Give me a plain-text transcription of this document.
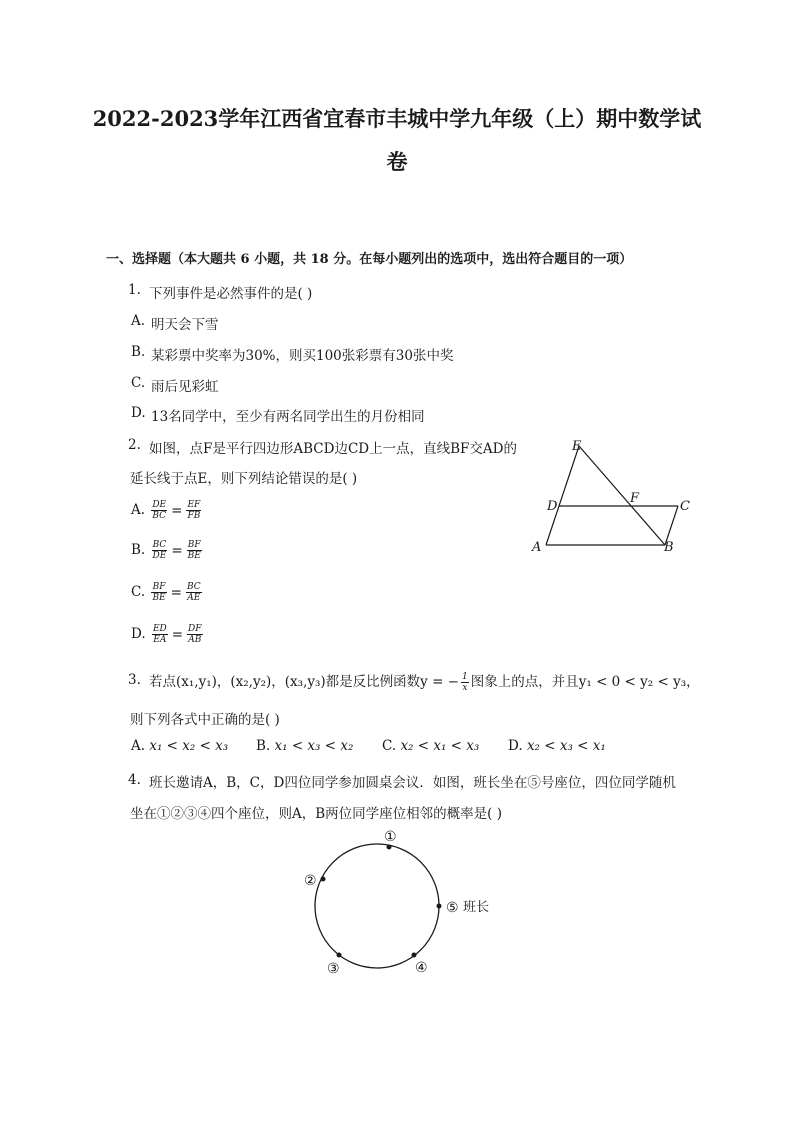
2022-2023学年江西省宜春市丰城中学九年级（上）期中数学试
卷
一、选择题（本大题共 6 小题，共 18 分。在每小题列出的选项中，选出符合题目的一项）
1. 下列事件是必然事件的是( )
A. 明天会下雪
B. 某彩票中奖率为30%，则买100张彩票有30张中奖
C. 雨后见彩虹
D. 13名同学中，至少有两名同学出生的月份相同
2. 如图，点F是平行四边形ABCD边CD上一点，直线BF交AD的
延长线于点E，则下列结论错误的是( )
A. $\frac{DE}{BC} = \frac{EF}{FB}$
B. $\frac{BC}{DE} = \frac{BF}{BE}$
C. $\frac{BF}{BE} = \frac{BC}{AE}$
D. $\frac{ED}{EA} = \frac{DF}{AB}$
E
D
F
C
A	B
3. 若点(x₁,y₁)，(x₂,y₂)，(x₃,y₃)都是反比例函数y = − $\frac{1}{x}$ 图象上的点，并且y₁ < 0 < y₂ < y₃，
则下列各式中正确的是( )
A. x₁ < x₂ < x₃ B. x₁ < x₃ < x₂ C. x₂ < x₁ < x₃ D. x₂ < x₃ < x₁
4. 班长邀请A，B，C，D四位同学参加圆桌会议．如图，班长坐在⑤号座位，四位同学随机
坐在①②③④四个座位，则A，B两位同学座位相邻的概率是( )
①
②
③	④
⑤ 班长
